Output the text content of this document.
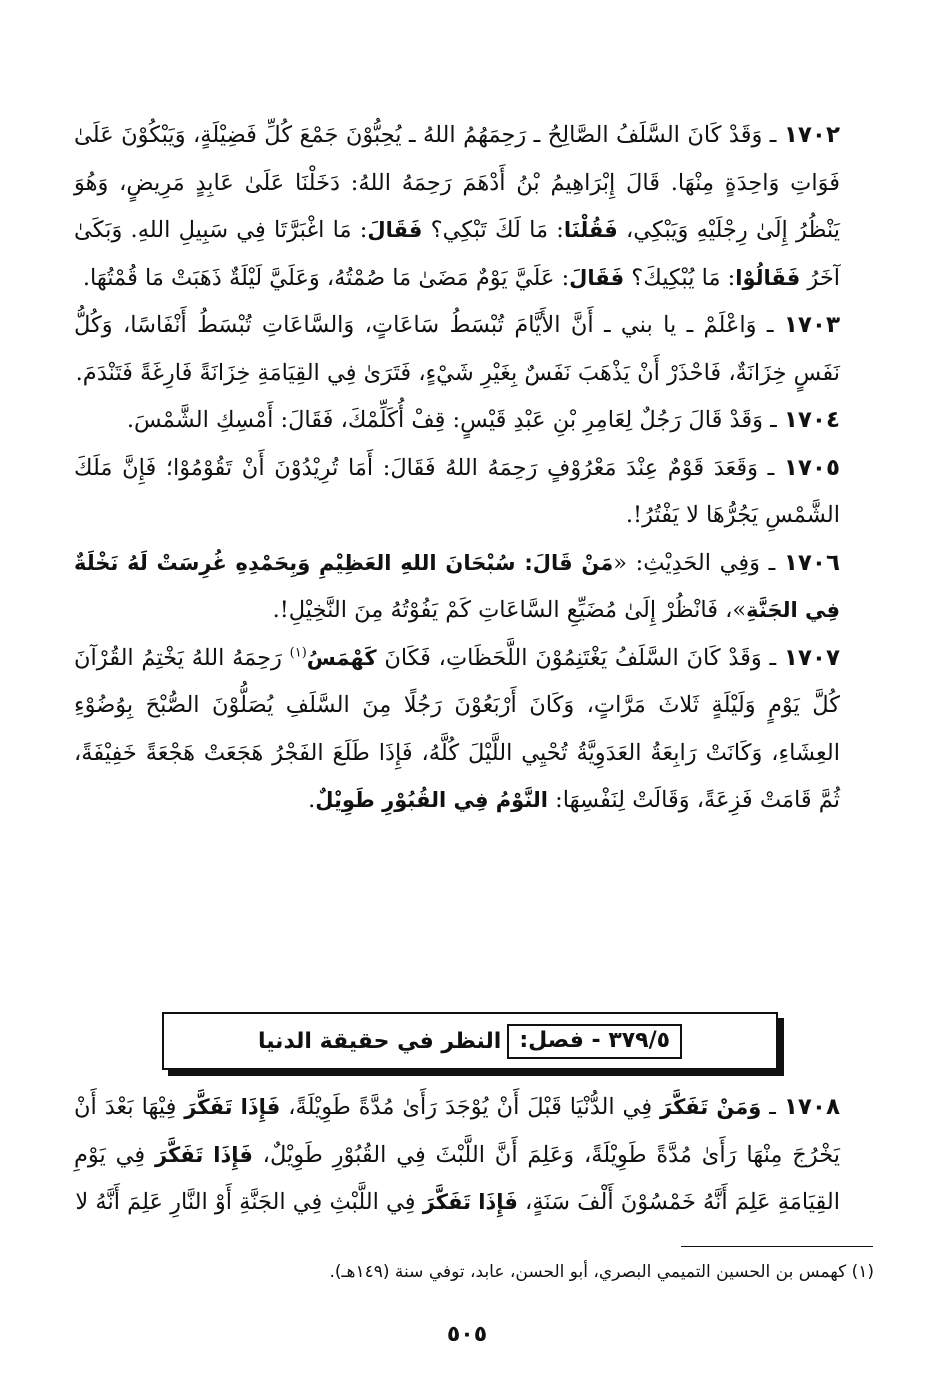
١٧٠٢ ـ وَقَدْ كَانَ السَّلَفُ الصَّالِحُ ـ رَحِمَهُمُ اللهُ ـ يُحِبُّوْنَ جَمْعَ كُلِّ فَضِيْلَةٍ، وَيَبْكُوْنَ عَلَىٰ فَوَاتِ وَاحِدَةٍ مِنْهَا. قَالَ إِبْرَاهِيمُ بْنُ أَدْهَمَ رَحِمَهُ اللهُ: دَخَلْنَا عَلَىٰ عَابِدٍ مَرِيضٍ، وَهُوَ يَنْظُرُ إِلَىٰ رِجْلَيْهِ وَيَبْكِي، فَقُلْنَا: مَا لَكَ تَبْكِي؟ فَقَالَ: مَا اغْبَرَّتَا فِي سَبِيلِ اللهِ. وَبَكَىٰ آخَرُ فَقَالُوْا: مَا يُبْكِيكَ؟ فَقَالَ: عَلَيَّ يَوْمٌ مَضَىٰ مَا صُمْتُهُ، وَعَلَيَّ لَيْلَةٌ ذَهَبَتْ مَا قُمْتُهَا.

١٧٠٣ ـ وَاعْلَمْ ـ يا بني ـ أَنَّ الأَيَّامَ تُبْسَطُ سَاعَاتٍ، وَالسَّاعَاتِ تُبْسَطُ أَنْفَاسًا، وَكُلُّ نَفَسٍ خِزَانَةٌ، فَاحْذَرْ أَنْ يَذْهَبَ نَفَسٌ بِغَيْرِ شَيْءٍ، فَتَرَىٰ فِي القِيَامَةِ خِزَانَةً فَارِغَةً فَتَنْدَمَ.

١٧٠٤ ـ وَقَدْ قَالَ رَجُلٌ لِعَامِرِ بْنِ عَبْدِ قَيْسٍ: قِفْ أُكَلِّمْكَ، فَقَالَ: أَمْسِكِ الشَّمْسَ.

١٧٠٥ ـ وَقَعَدَ قَوْمٌ عِنْدَ مَعْرُوْفٍ رَحِمَهُ اللهُ فَقَالَ: أَمَا تُرِيْدُوْنَ أَنْ تَقُوْمُوْا؛ فَإِنَّ مَلَكَ الشَّمْسِ يَجُرُّهَا لا يَفْتُرُ!.

١٧٠٦ ـ وَفِي الحَدِيْثِ: «مَنْ قَالَ: سُبْحَانَ اللهِ العَظِيْمِ وَبِحَمْدِهِ غُرِسَتْ لَهُ نَخْلَةٌ فِي الجَنَّةِ»، فَانْظُرْ إِلَىٰ مُضَيِّعِ السَّاعَاتِ كَمْ يَفُوْتُهُ مِنَ النَّخِيْلِ!.

١٧٠٧ ـ وَقَدْ كَانَ السَّلَفُ يَغْتَنِمُوْنَ اللَّحَظَاتِ، فَكَانَ كَهْمَسُ$^{(١)}$ رَحِمَهُ اللهُ يَخْتِمُ القُرْآنَ كُلَّ يَوْمٍ وَلَيْلَةٍ ثَلاثَ مَرَّاتٍ، وَكَانَ أَرْبَعُوْنَ رَجُلًا مِنَ السَّلَفِ يُصَلُّوْنَ الصُّبْحَ بِوُضُوْءِ العِشَاءِ، وَكَانَتْ رَابِعَةُ العَدَوِيَّةُ تُحْيِي اللَّيْلَ كُلَّهُ، فَإِذَا طَلَعَ الفَجْرُ هَجَعَتْ هَجْعَةً خَفِيْفَةً، ثُمَّ قَامَتْ فَزِعَةً، وَقَالَتْ لِنَفْسِهَا: النَّوْمُ فِي القُبُوْرِ طَوِيْلٌ.

٣٧٩/٥ - فصل:
النظر في حقيقة الدنيا

١٧٠٨ ـ وَمَنْ تَفَكَّرَ فِي الدُّنْيَا قَبْلَ أَنْ يُوْجَدَ رَأَىٰ مُدَّةً طَوِيْلَةً، فَإِذَا تَفَكَّرَ فِيْهَا بَعْدَ أَنْ يَخْرُجَ مِنْهَا رَأَىٰ مُدَّةً طَوِيْلَةً، وَعَلِمَ أَنَّ اللَّبْثَ فِي القُبُوْرِ طَوِيْلٌ، فَإِذَا تَفَكَّرَ فِي يَوْمِ القِيَامَةِ عَلِمَ أَنَّهُ خَمْسُوْنَ أَلْفَ سَنَةٍ، فَإِذَا تَفَكَّرَ فِي اللَّبْثِ فِي الجَنَّةِ أَوْ النَّارِ عَلِمَ أَنَّهُ لا

(١) كهمس بن الحسين التميمي البصري، أبو الحسن، عابد، توفي سنة (١٤٩هـ).
٥٠٥
